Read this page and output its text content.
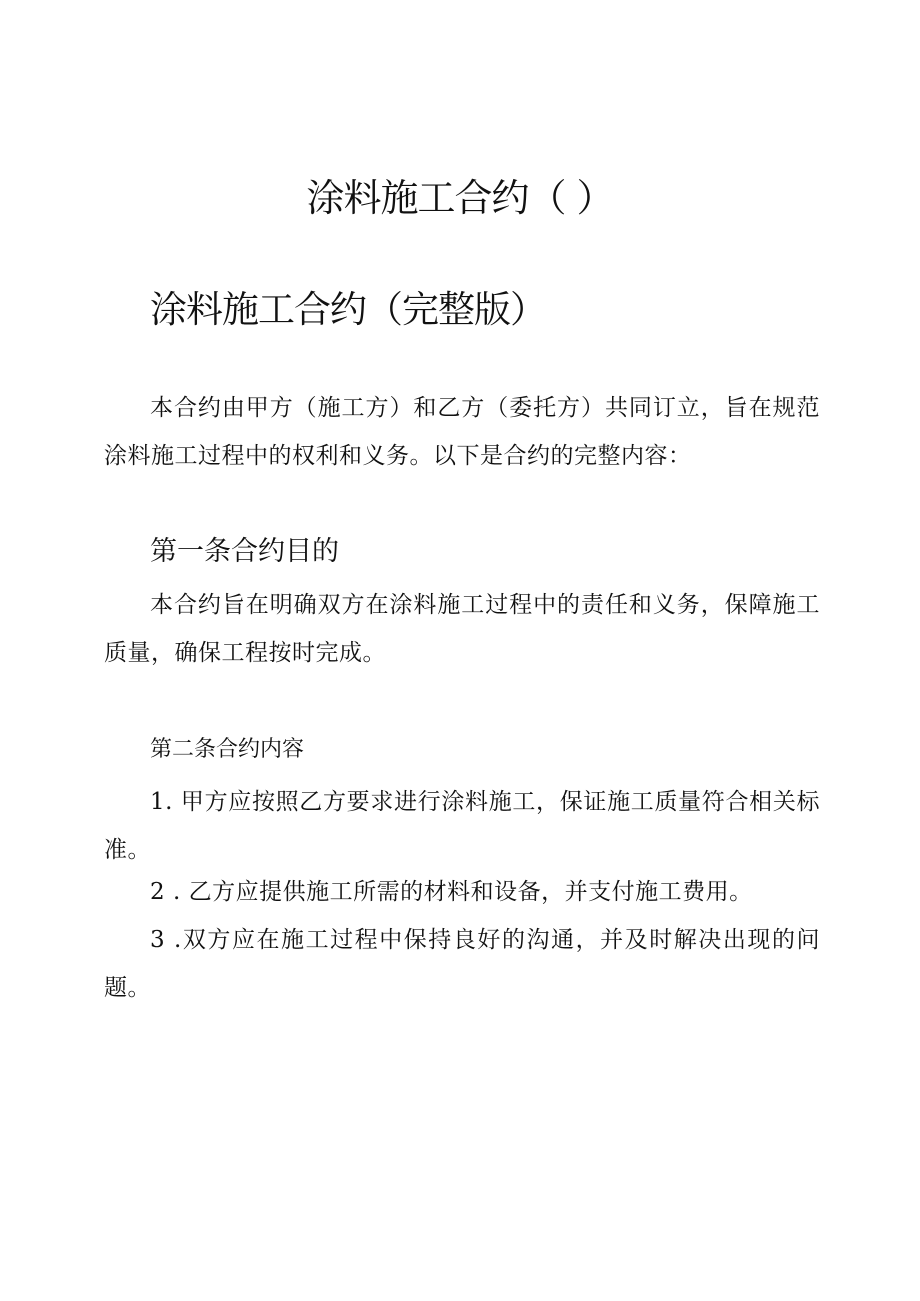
涂料施工合约（ ）
涂料施工合约（完整版）

本合约由甲方（施工方）和乙方（委托方）共同订立，旨在规范涂料施工过程中的权利和义务。以下是合约的完整内容：

第一条合约目的

本合约旨在明确双方在涂料施工过程中的责任和义务，保障施工质量，确保工程按时完成。

第二条合约内容

1. 甲方应按照乙方要求进行涂料施工，保证施工质量符合相关标准。

2 . 乙方应提供施工所需的材料和设备，并支付施工费用。

3 .双方应在施工过程中保持良好的沟通，并及时解决出现的问题。
